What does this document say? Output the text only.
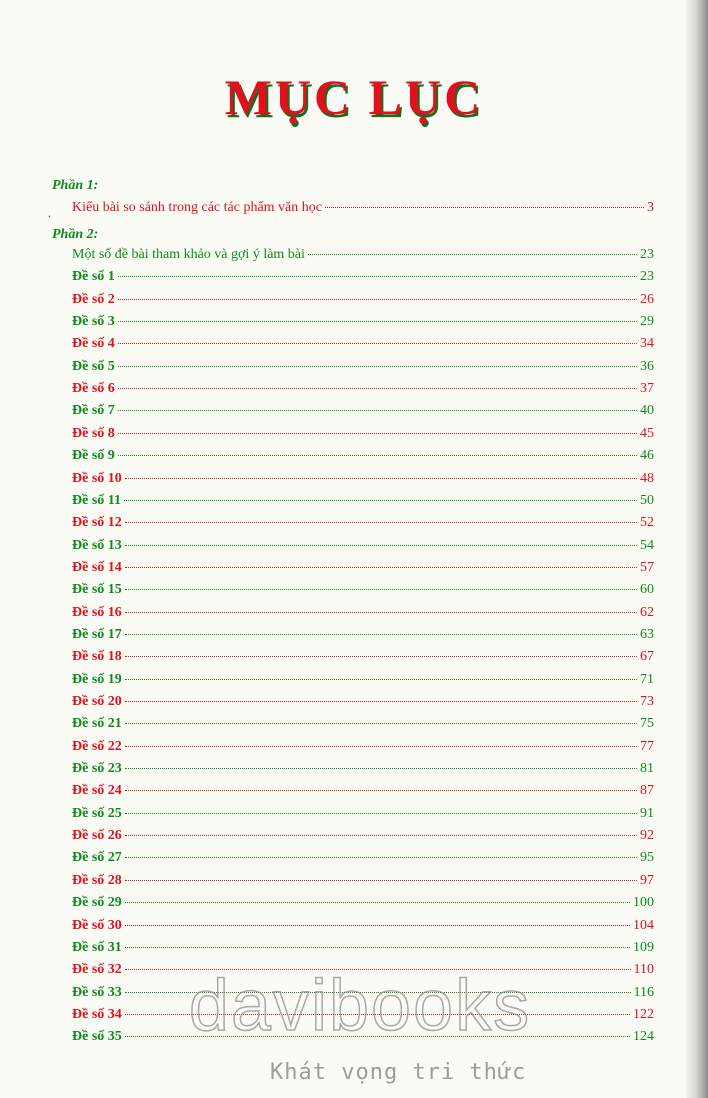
MỤC LỤC
Phần 1:
.
Phần 2:
Kiểu bài so sánh trong các tác phẩm văn học	3
Một số đề bài tham khảo và gợi ý làm bài	23
Đề số 1	23
Đề số 2	26
Đề số 3	29
Đề số 4	34
Đề số 5	36
Đề số 6	37
Đề số 7	40
Đề số 8	45
Đề số 9	46
Đề số 10	48
Đề số 11	50
Đề số 12	52
Đề số 13	54
Đề số 14	57
Đề số 15	60
Đề số 16	62
Đề số 17	63
Đề số 18	67
Đề số 19	71
Đề số 20	73
Đề số 21	75
Đề số 22	77
Đề số 23	81
Đề số 24	87
Đề số 25	91
Đề số 26	92
Đề số 27	95
Đề số 28	97
Đề số 29	100
Đề số 30	104
Đề số 31	109
Đề số 32	110
Đề số 33	116
Đề số 34	122
Đề số 35	124
davibooks
Khát vọng tri thức
